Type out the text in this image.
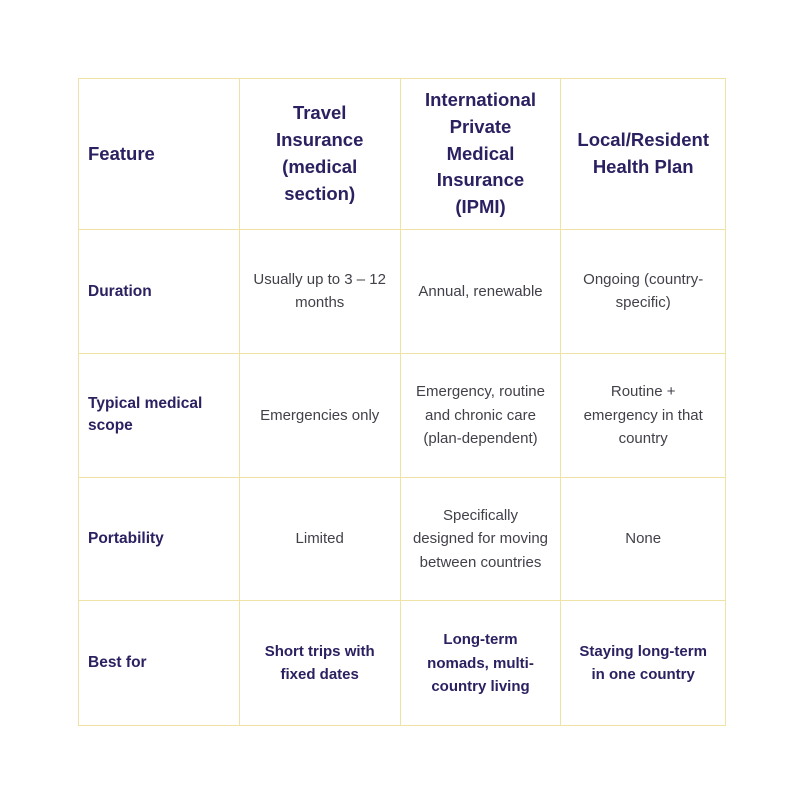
Feature
Travel Insurance (medical section)
International Private Medical Insurance (IPMI)
Local/Resident Health Plan
Duration
Usually up to 3 – 12 months
Annual, renewable
Ongoing (country-specific)
Typical medical scope
Emergencies only
Emergency, routine and chronic care (plan-dependent)
Routine + emergency in that country
Portability	Limited
Specifically designed for moving between countries
None
Best for
Short trips with fixed dates
Long-term nomads, multi-country living
Staying long-term in one country
